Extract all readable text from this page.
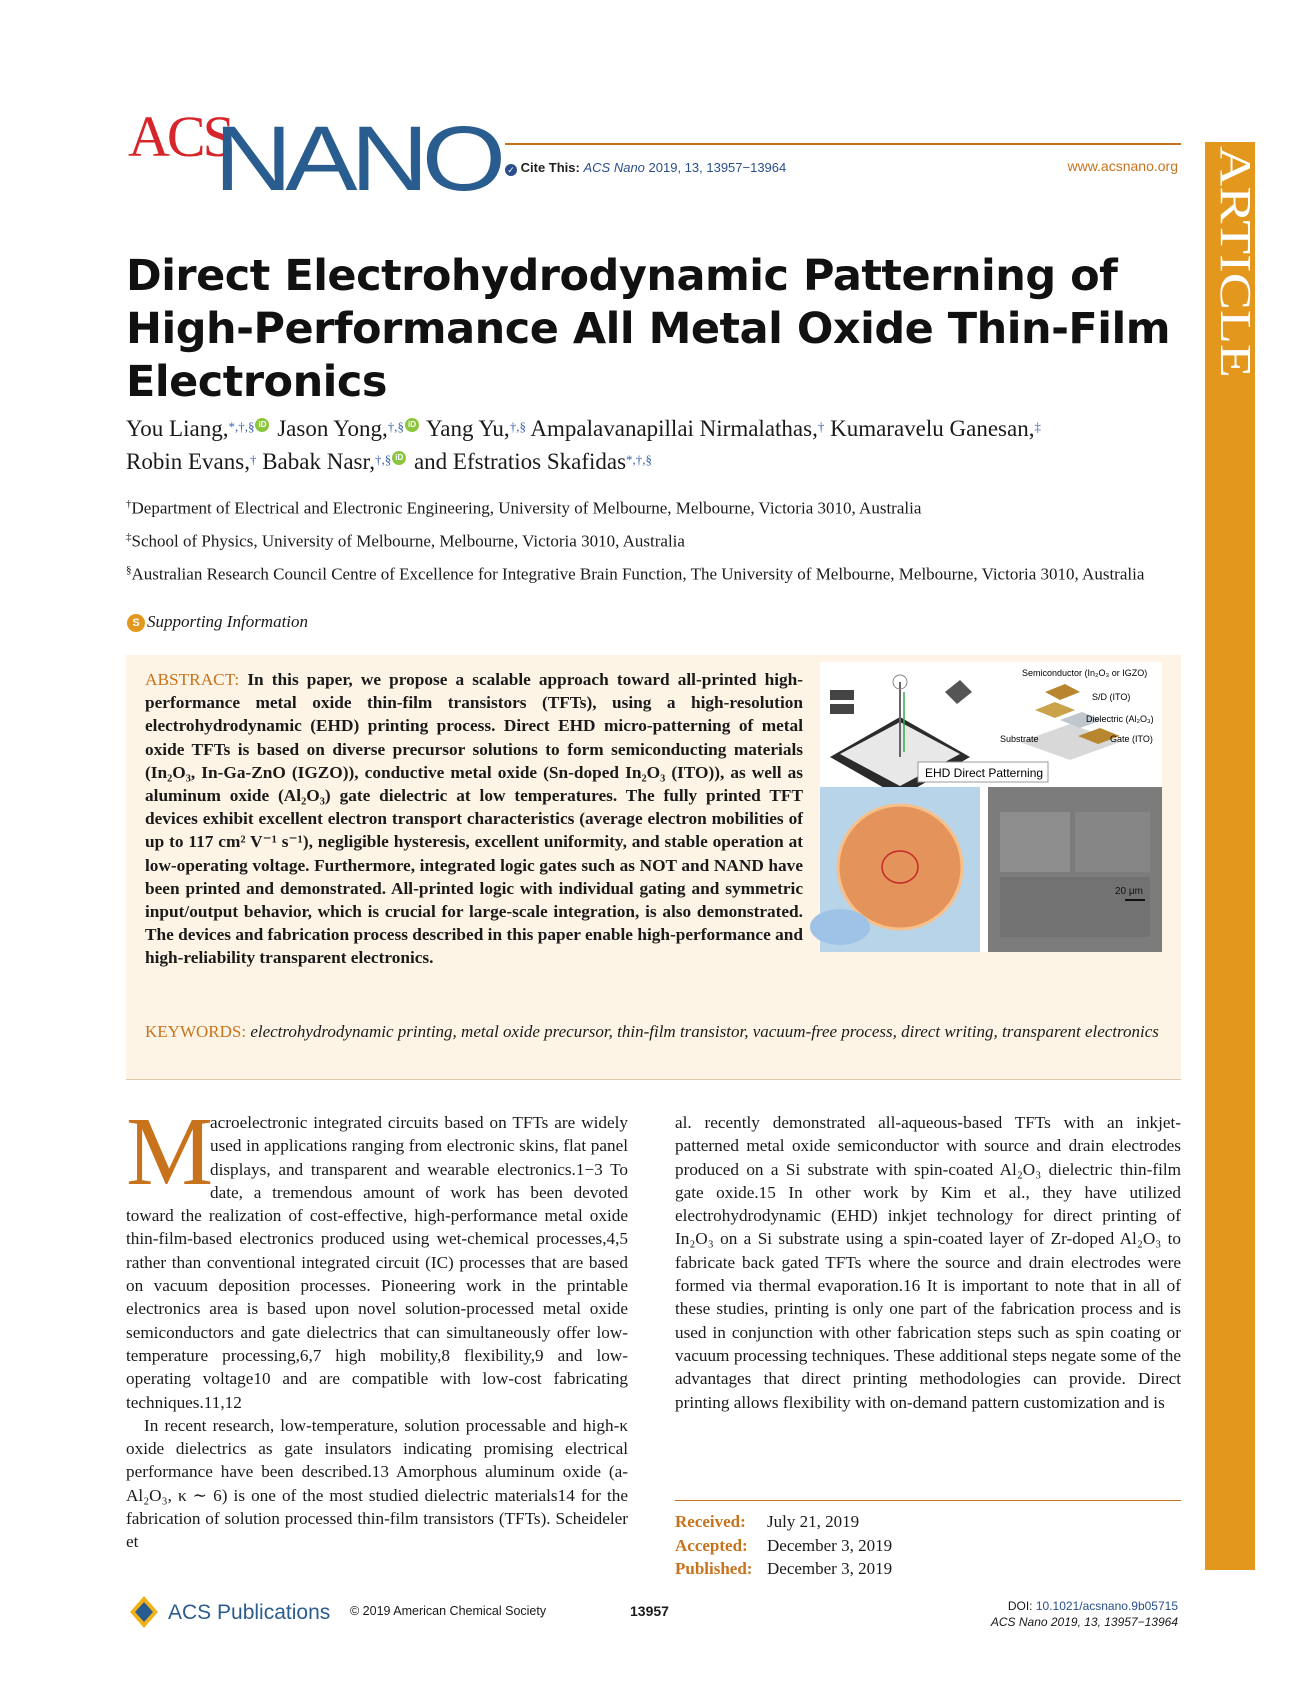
ACS
NANO ✓ Cite This: ACS Nano 2019, 13, 13957−13964	www.acsnano.org ARTICLE
Direct Electrohydrodynamic Patterning of High-Performance All Metal Oxide Thin-Film Electronics
You Liang,*,†,§ iD Jason Yong,†,§ iD Yang Yu,†,§ Ampalavanapillai Nirmalathas,† Kumaravelu Ganesan,‡
Robin Evans,† Babak Nasr,†,§ iD and Efstratios Skafidas*,†,§
†Department of Electrical and Electronic Engineering, University of Melbourne, Melbourne, Victoria 3010, Australia
‡School of Physics, University of Melbourne, Melbourne, Victoria 3010, Australia
§Australian Research Council Centre of Excellence for Integrative Brain Function, The University of Melbourne, Melbourne, Victoria 3010, Australia
S Supporting Information
ABSTRACT: In this paper, we propose a scalable approach toward all-printed high-performance metal oxide thin-film transistors (TFTs), using a high-resolution electrohydrodynamic (EHD) printing process. Direct EHD micro-patterning of metal oxide TFTs is based on diverse precursor solutions to form semiconducting materials (In₂O₃, In-Ga-ZnO (IGZO)), conductive metal oxide (Sn-doped In₂O₃ (ITO)), as well as aluminum oxide (Al₂O₃) gate dielectric at low temperatures. The fully printed TFT devices exhibit excellent electron transport characteristics (average electron mobilities of up to 117 cm² V⁻¹ s⁻¹), negligible hysteresis, excellent uniformity, and stable operation at low-operating voltage. Furthermore, integrated logic gates such as NOT and NAND have been printed and demonstrated. All-printed logic with individual gating and symmetric input/output behavior, which is crucial for large-scale integration, is also demonstrated. The devices and fabrication process described in this paper enable high-performance and high-reliability transparent electronics.
KEYWORDS: electrohydrodynamic printing, metal oxide precursor, thin-film transistor, vacuum-free process, direct writing, transparent electronics
Semiconductor (In₂O₃ or IGZO)
S/D (ITO)
Dielectric (Al₂O₃)
Gate (ITO)
Substrate
EHD Direct Patterning
20 μm
M

acroelectronic integrated circuits based on TFTs are widely used in applications ranging from electronic skins, flat panel displays, and transparent and wearable electronics.1−3 To date, a tremendous amount of work has been devoted toward the realization of cost-effective, high-performance metal oxide thin-film-based electronics produced using wet-chemical processes,4,5 rather than conventional integrated circuit (IC) processes that are based on vacuum deposition processes. Pioneering work in the printable electronics area is based upon novel solution-processed metal oxide semiconductors and gate dielectrics that can simultaneously offer low-temperature processing,6,7 high mobility,8 flexibility,9 and low-operating voltage10 and are compatible with low-cost fabricating techniques.11,12

In recent research, low-temperature, solution processable and high-κ oxide dielectrics as gate insulators indicating promising electrical performance have been described.13 Amorphous aluminum oxide (a-Al₂O₃, κ ∼ 6) is one of the most studied dielectric materials14 for the fabrication of solution processed thin-film transistors (TFTs). Scheideler et

al. recently demonstrated all-aqueous-based TFTs with an inkjet-patterned metal oxide semiconductor with source and drain electrodes produced on a Si substrate with spin-coated Al₂O₃ dielectric thin-film gate oxide.15 In other work by Kim et al., they have utilized electrohydrodynamic (EHD) inkjet technology for direct printing of In₂O₃ on a Si substrate using a spin-coated layer of Zr-doped Al₂O₃ to fabricate back gated TFTs where the source and drain electrodes were formed via thermal evaporation.16 It is important to note that in all of these studies, printing is only one part of the fabrication process and is used in conjunction with other fabrication steps such as spin coating or vacuum processing techniques. These additional steps negate some of the advantages that direct printing methodologies can provide. Direct printing allows flexibility with on-demand pattern customization and is

Received: July 21, 2019
Accepted: December 3, 2019
Published: December 3, 2019
ACS Publications © 2019 American Chemical Society	13957	DOI: 10.1021/acsnano.9b05715
ACS Nano 2019, 13, 13957−13964
